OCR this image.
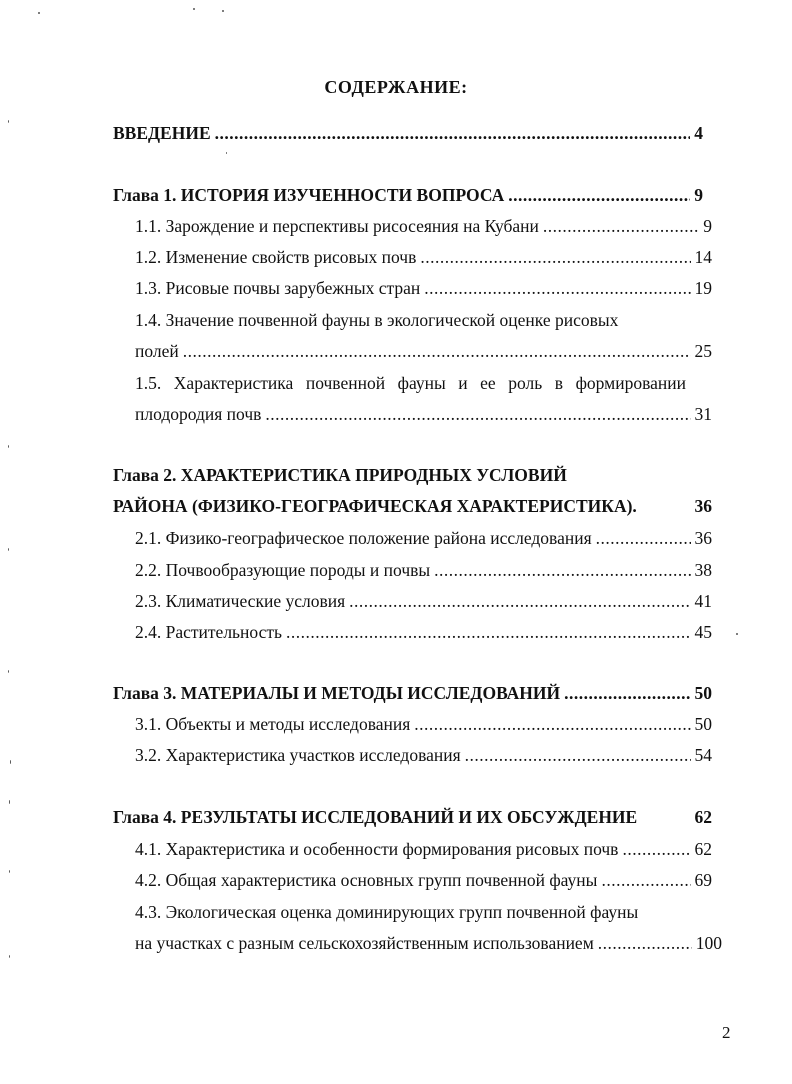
СОДЕРЖАНИЕ:
ВВЕДЕНИЕ .....	4
Глава 1. ИСТОРИЯ ИЗУЧЕННОСТИ ВОПРОСА .....	9
1.1. Зарождение и перспективы рисосеяния на Кубани .....	9
1.2. Изменение свойств рисовых почв .....	14
1.3. Рисовые почвы зарубежных стран .....	19
1.4. Значение почвенной фауны в экологической оценке рисовых
полей .....	25
1.5. Характеристика почвенной фауны и ее роль в формировании
плодородия почв .....	31
Глава 2. ХАРАКТЕРИСТИКА ПРИРОДНЫХ УСЛОВИЙ
РАЙОНА (ФИЗИКО-ГЕОГРАФИЧЕСКАЯ ХАРАКТЕРИСТИКА).	36
2.1. Физико-географическое положение района исследования .....	36
2.2. Почвообразующие породы и почвы .....	38
2.3. Климатические условия .....	41
2.4. Растительность .....	45
Глава 3. МАТЕРИАЛЫ И МЕТОДЫ ИССЛЕДОВАНИЙ .....	50
3.1. Объекты и методы исследования .....	50
3.2. Характеристика участков исследования .....	54
Глава 4. РЕЗУЛЬТАТЫ ИССЛЕДОВАНИЙ И ИХ ОБСУЖДЕНИЕ	62
4.1. Характеристика и особенности формирования рисовых почв .....	62
4.2. Общая характеристика основных групп почвенной фауны .....	69
4.3. Экологическая оценка доминирующих групп почвенной фауны
на участках с разным сельскохозяйственным использованием .....	100
2
